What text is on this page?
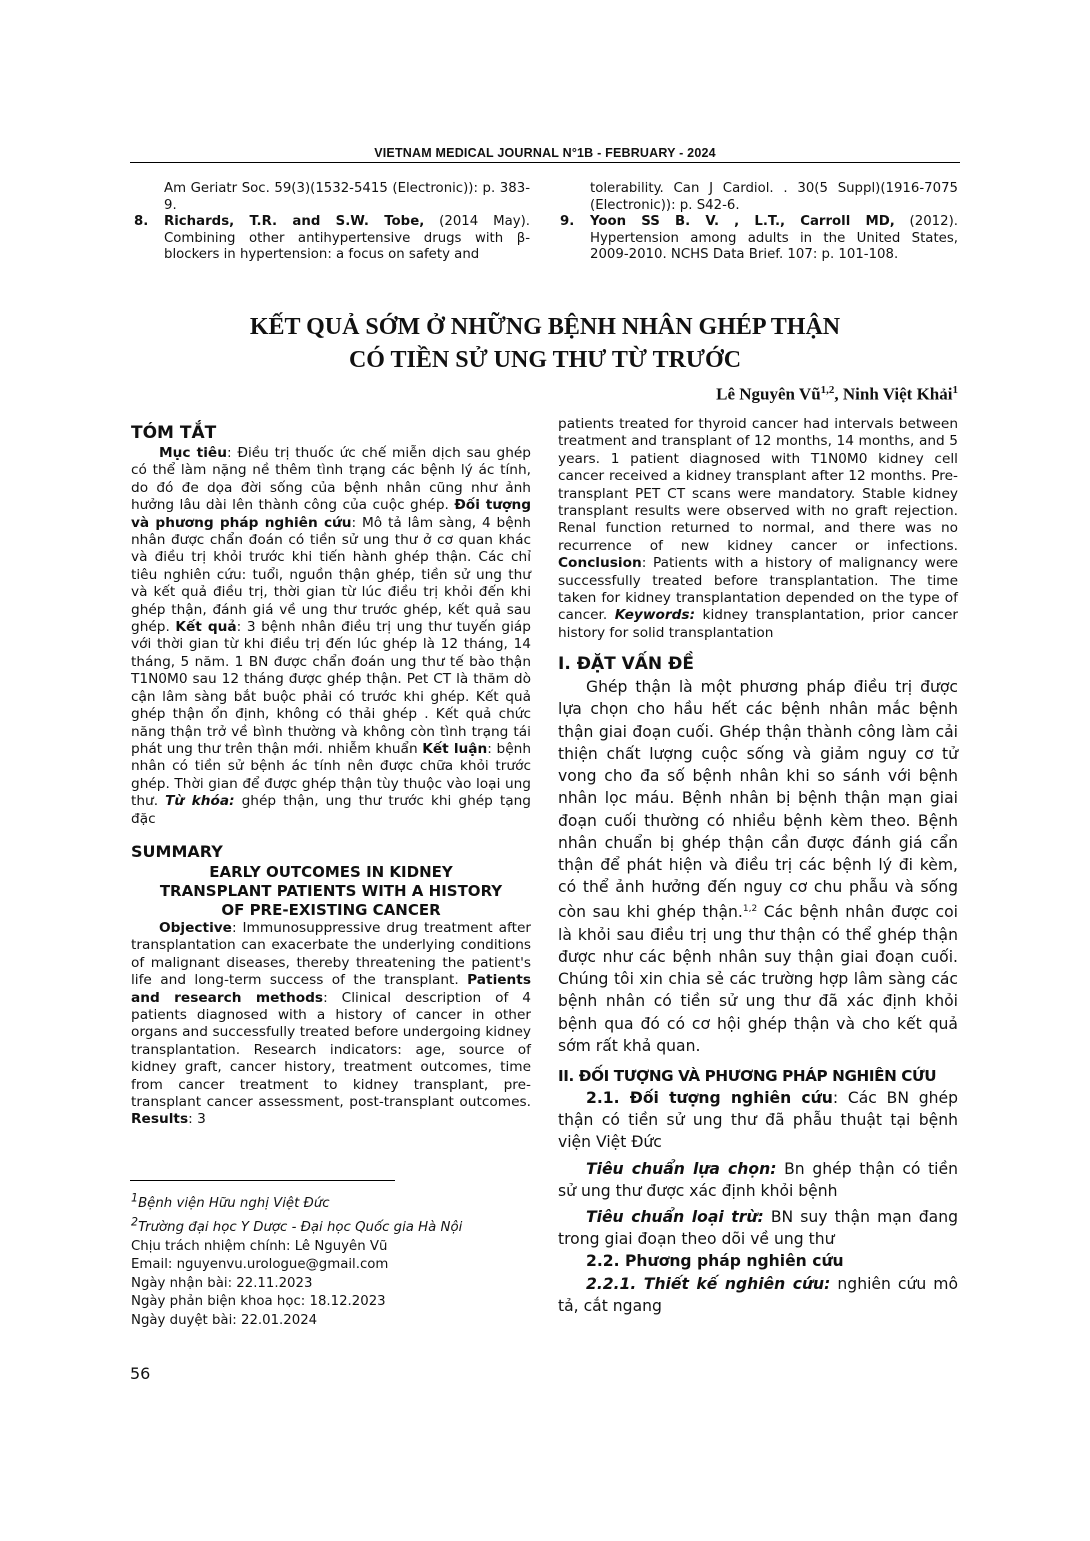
VIETNAM MEDICAL JOURNAL N°1B - FEBRUARY - 2024
Am Geriatr Soc. 59(3)(1532-5415 (Electronic)): p. 383-9.
8. Richards, T.R. and S.W. Tobe, (2014 May). Combining other antihypertensive drugs with β-blockers in hypertension: a focus on safety and
tolerability. Can J Cardiol. . 30(5 Suppl)(1916-7075 (Electronic)): p. S42-6.
9. Yoon SS B. V. , L.T., Carroll MD, (2012). Hypertension among adults in the United States, 2009-2010. NCHS Data Brief. 107: p. 101-108.
KẾT QUẢ SỚM Ở NHỮNG BỆNH NHÂN GHÉP THẬN
CÓ TIỀN SỬ UNG THƯ TỪ TRƯỚC
Lê Nguyên Vũ$^{1,2}$, Ninh Việt Khải$^1$
TÓM TẮT
Mục tiêu: Điều trị thuốc ức chế miễn dịch sau ghép có thể làm nặng nề thêm tình trạng các bệnh lý ác tính, do đó đe dọa đời sống của bệnh nhân cũng như ảnh hưởng lâu dài lên thành công của cuộc ghép. Đối tượng và phương pháp nghiên cứu: Mô tả lâm sàng, 4 bệnh nhân được chẩn đoán có tiền sử ung thư ở cơ quan khác và điều trị khỏi trước khi tiến hành ghép thận. Các chỉ tiêu nghiên cứu: tuổi, nguồn thận ghép, tiền sử ung thư và kết quả điều trị, thời gian từ lúc điều trị khỏi đến khi ghép thận, đánh giá về ung thư trước ghép, kết quả sau ghép. Kết quả: 3 bệnh nhân điều trị ung thư tuyến giáp với thời gian từ khi điều trị đến lúc ghép là 12 tháng, 14 tháng, 5 năm. 1 BN được chẩn đoán ung thư tế bào thận T1N0M0 sau 12 tháng được ghép thận. Pet CT là thăm dò cận lâm sàng bắt buộc phải có trước khi ghép. Kết quả ghép thận ổn định, không có thải ghép . Kết quả chức năng thận trở về bình thường và không còn tình trạng tái phát ung thư trên thận mới. nhiễm khuẩn Kết luận: bệnh nhân có tiền sử bệnh ác tính nên được chữa khỏi trước ghép. Thời gian để được ghép thận tùy thuộc vào loại ung thư. Từ khóa: ghép thận, ung thư trước khi ghép tạng đặc
SUMMARY
EARLY OUTCOMES IN KIDNEY
TRANSPLANT PATIENTS WITH A HISTORY
OF PRE-EXISTING CANCER
Objective: Immunosuppressive drug treatment after transplantation can exacerbate the underlying conditions of malignant diseases, thereby threatening the patient's life and long-term success of the transplant. Patients and research methods: Clinical description of 4 patients diagnosed with a history of cancer in other organs and successfully treated before undergoing kidney transplantation. Research indicators: age, source of kidney graft, cancer history, treatment outcomes, time from cancer treatment to kidney transplant, pre-transplant cancer assessment, post-transplant outcomes. Results: 3
$^1$Bệnh viện Hữu nghị Việt Đức
$^2$Trường đại học Y Dược - Đại học Quốc gia Hà Nội
Chịu trách nhiệm chính: Lê Nguyên Vũ
Email: nguyenvu.urologue@gmail.com
Ngày nhận bài: 22.11.2023
Ngày phản biện khoa học: 18.12.2023
Ngày duyệt bài: 22.01.2024
56
patients treated for thyroid cancer had intervals between treatment and transplant of 12 months, 14 months, and 5 years. 1 patient diagnosed with T1N0M0 kidney cell cancer received a kidney transplant after 12 months. Pre-transplant PET CT scans were mandatory. Stable kidney transplant results were observed with no graft rejection. Renal function returned to normal, and there was no recurrence of new kidney cancer or infections. Conclusion: Patients with a history of malignancy were successfully treated before transplantation. The time taken for kidney transplantation depended on the type of cancer. Keywords: kidney transplantation, prior cancer history for solid transplantation
I. ĐẶT VẤN ĐỀ
Ghép thận là một phương pháp điều trị được lựa chọn cho hầu hết các bệnh nhân mắc bệnh thận giai đoạn cuối. Ghép thận thành công làm cải thiện chất lượng cuộc sống và giảm nguy cơ tử vong cho đa số bệnh nhân khi so sánh với bệnh nhân lọc máu. Bệnh nhân bị bệnh thận mạn giai đoạn cuối thường có nhiều bệnh kèm theo. Bệnh nhân chuẩn bị ghép thận cần được đánh giá cẩn thận để phát hiện và điều trị các bệnh lý đi kèm, có thể ảnh hưởng đến nguy cơ chu phẫu và sống còn sau khi ghép thận.$^{1,2}$ Các bệnh nhân được coi là khỏi sau điều trị ung thư thận có thể ghép thận được như các bệnh nhân suy thận giai đoạn cuối. Chúng tôi xin chia sẻ các trường hợp lâm sàng các bệnh nhân có tiền sử ung thư đã xác định khỏi bệnh qua đó có cơ hội ghép thận và cho kết quả sớm rất khả quan.
II. ĐỐI TƯỢNG VÀ PHƯƠNG PHÁP NGHIÊN CỨU
2.1. Đối tượng nghiên cứu: Các BN ghép thận có tiền sử ung thư đã phẫu thuật tại bệnh viện Việt Đức
Tiêu chuẩn lựa chọn: Bn ghép thận có tiền sử ung thư được xác định khỏi bệnh
Tiêu chuẩn loại trừ: BN suy thận mạn đang trong giai đoạn theo dõi về ung thư
2.2. Phương pháp nghiên cứu
2.2.1. Thiết kế nghiên cứu: nghiên cứu mô tả, cắt ngang
